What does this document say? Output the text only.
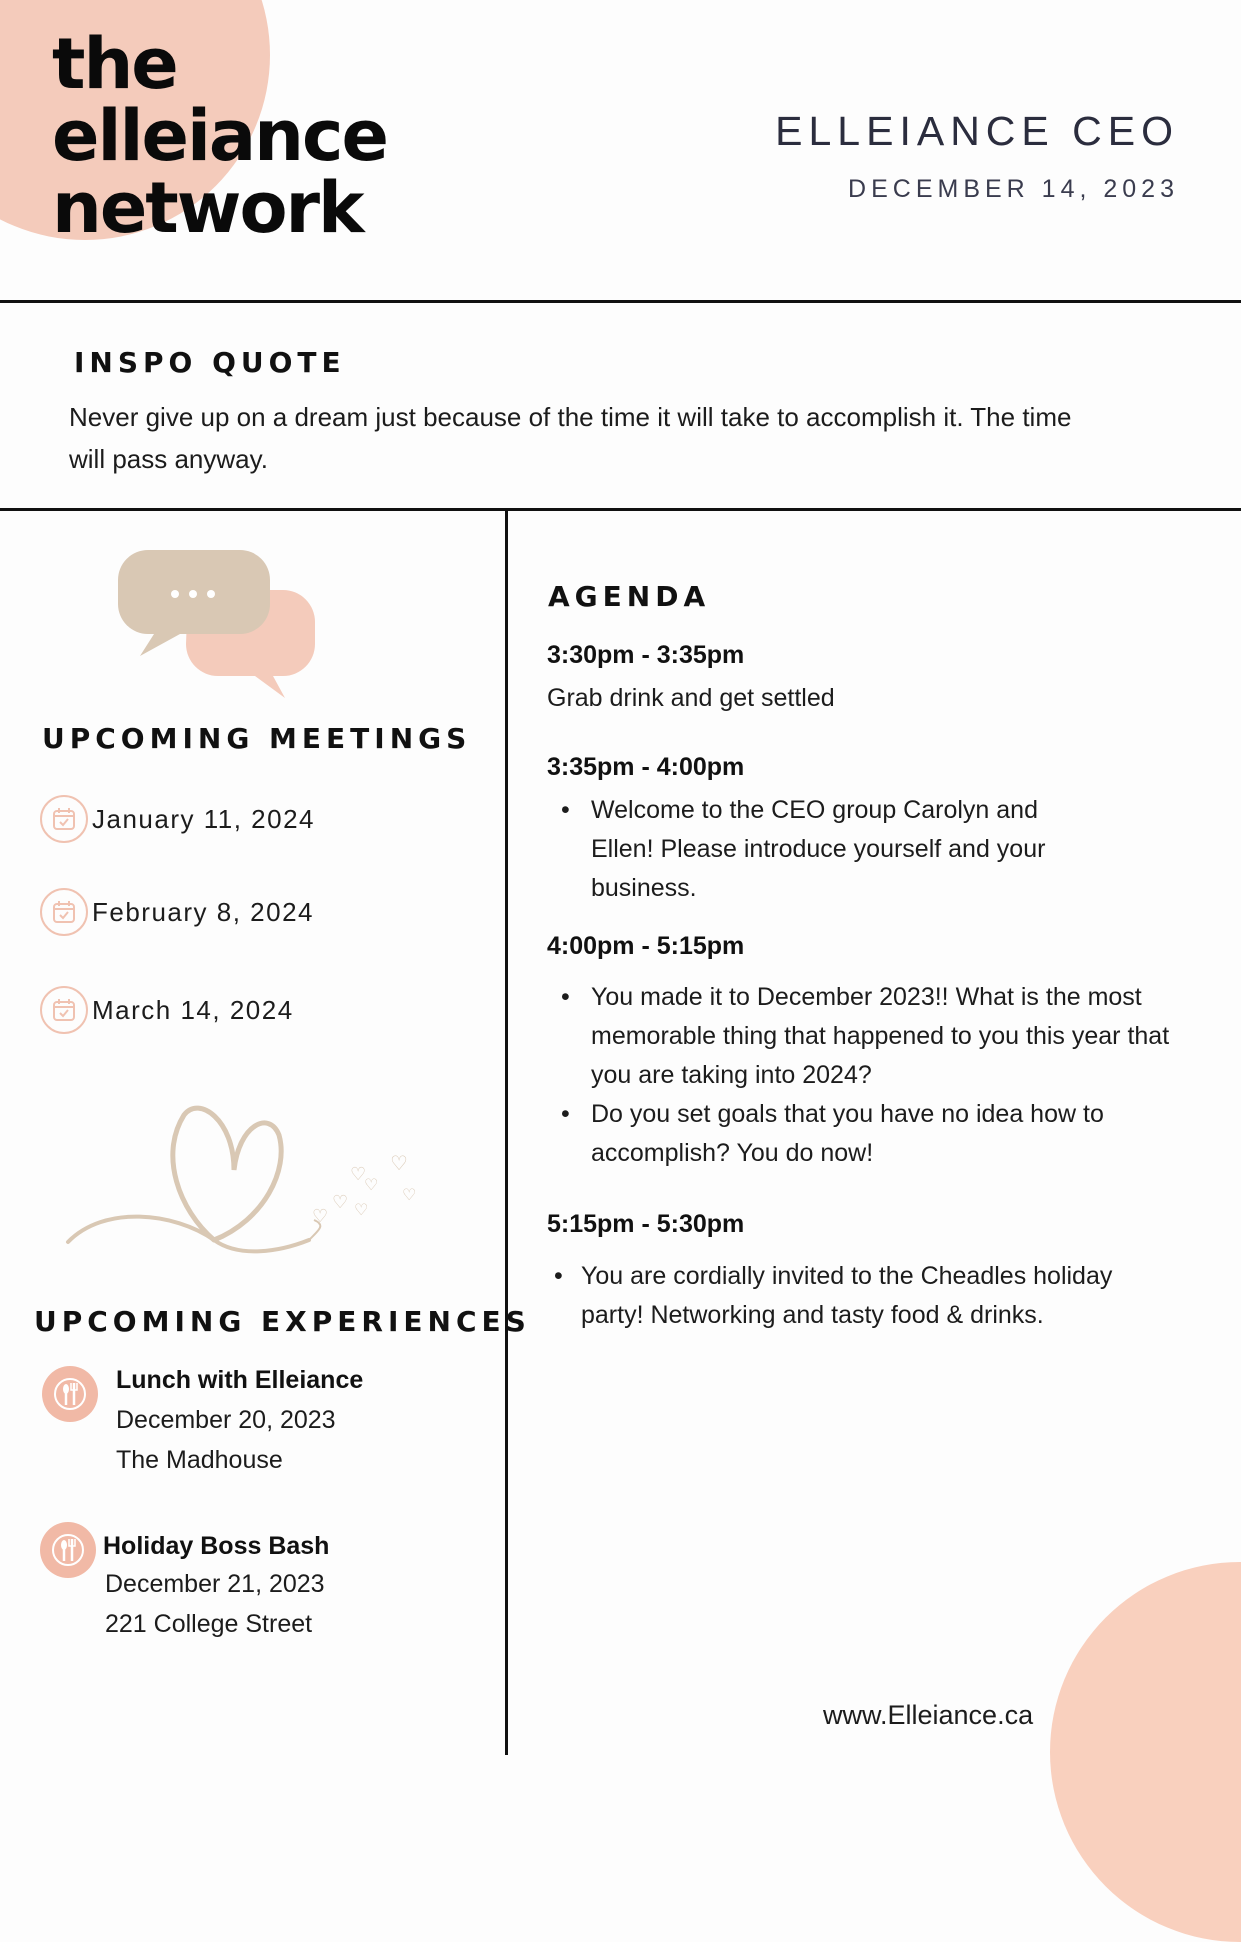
the
elleiance
network
ELLEIANCE CEO
DECEMBER 14, 2023
INSPO QUOTE
Never give up on a dream just because of the time it will take to accomplish it. The time will pass anyway.
UPCOMING MEETINGS
January 11, 2024
February 8, 2024
March 14, 2024
♡
♡
♡
♡
♡
♡
♡
UPCOMING EXPERIENCES
Lunch with Elleiance
December 20, 2023
The Madhouse
Holiday Boss Bash
December 21, 2023
221 College Street
AGENDA
3:30pm - 3:35pm
Grab drink and get settled
3:35pm - 4:00pm
• Welcome to the CEO group Carolyn and Ellen! Please introduce yourself and your business.
4:00pm - 5:15pm
• You made it to December 2023!! What is the most memorable thing that happened to you this year that you are taking into 2024?
• Do you set goals that you have no idea how to accomplish? You do now!
5:15pm - 5:30pm
• You are cordially invited to the Cheadles holiday party! Networking and tasty food & drinks.
www.Elleiance.ca
